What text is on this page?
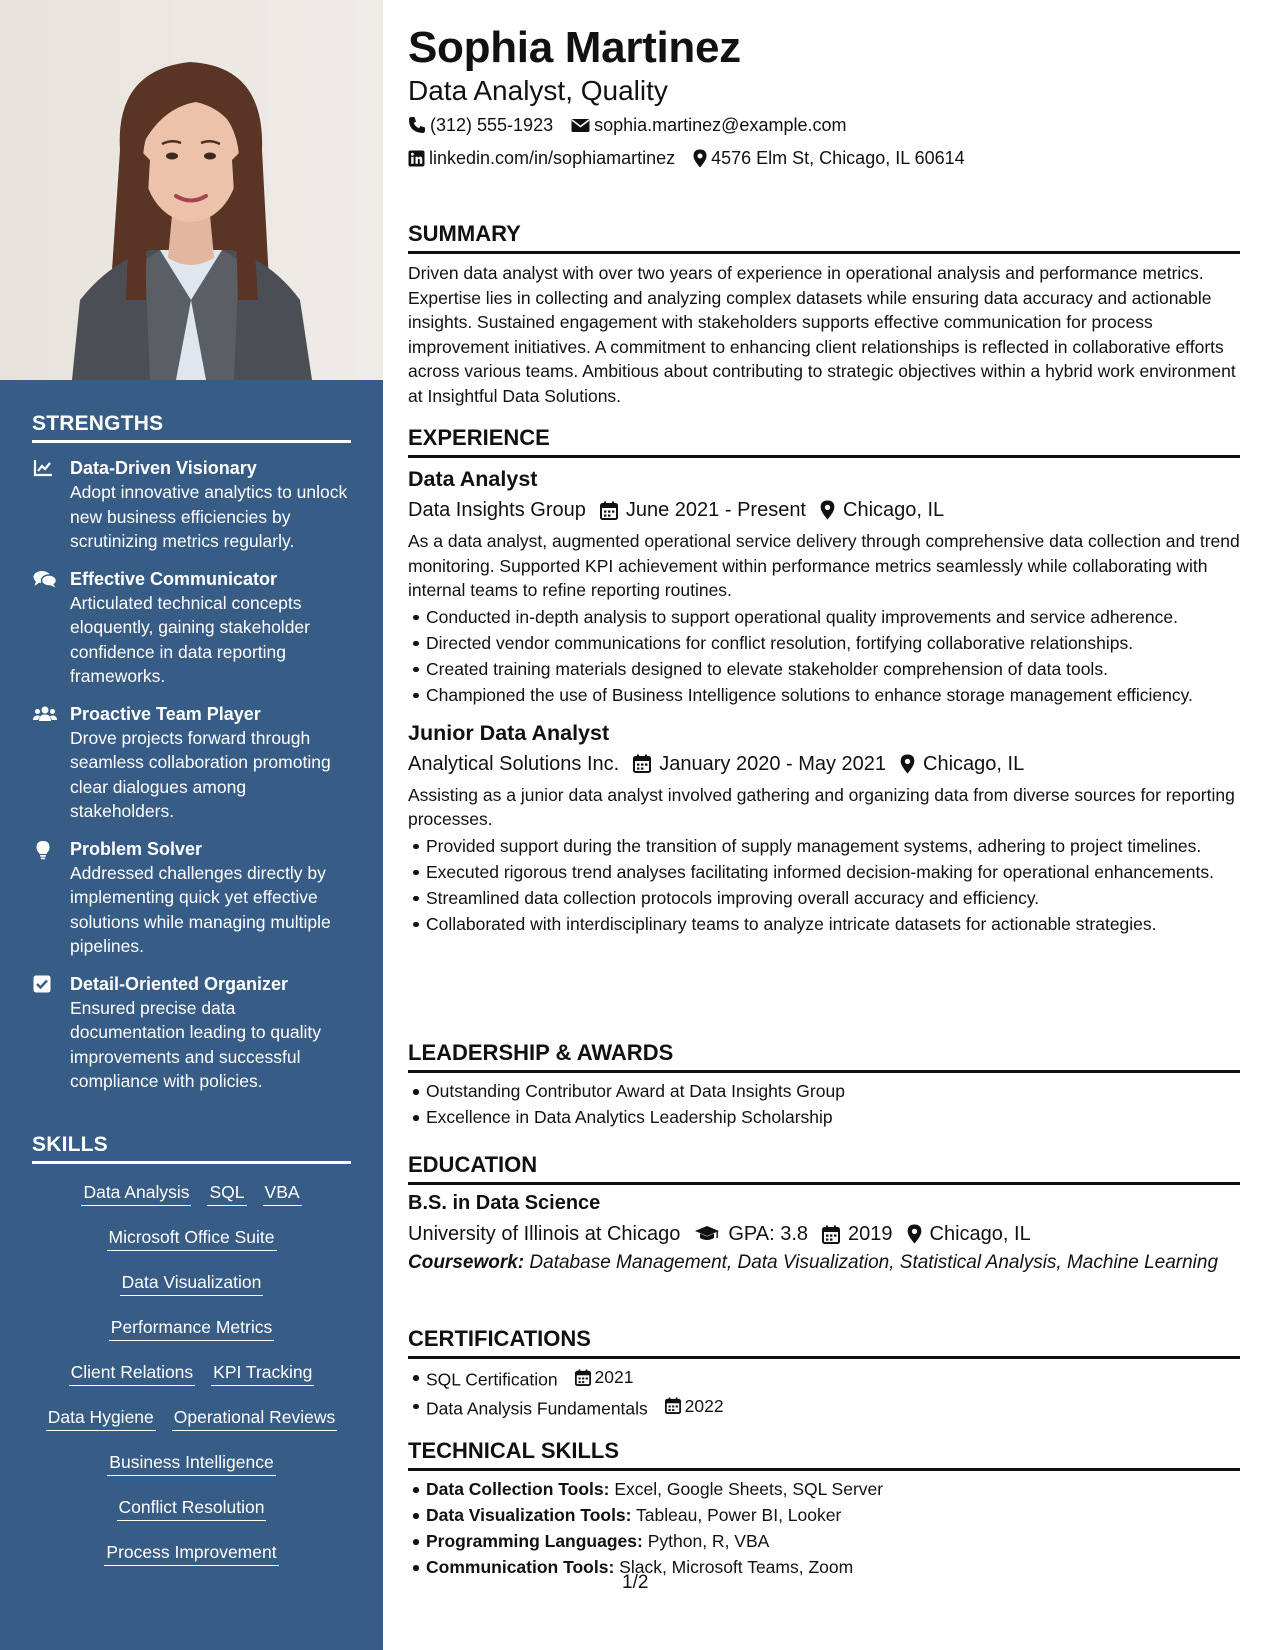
STRENGTHS
Data-Driven Visionary
Adopt innovative analytics to unlock new business efficiencies by scrutinizing metrics regularly.
Effective Communicator
Articulated technical concepts eloquently, gaining stakeholder confidence in data reporting frameworks.
Proactive Team Player
Drove projects forward through seamless collaboration promoting clear dialogues among stakeholders.
Problem Solver
Addressed challenges directly by implementing quick yet effective solutions while managing multiple pipelines.
Detail-Oriented Organizer
Ensured precise data documentation leading to quality improvements and successful compliance with policies.
SKILLS
Data Analysis SQL VBA
Microsoft Office Suite
Data Visualization
Performance Metrics
Client Relations KPI Tracking
Data Hygiene Operational Reviews
Business Intelligence
Conflict Resolution
Process Improvement
Sophia Martinez
Data Analyst, Quality
(312) 555-1923 sophia.martinez@example.com
linkedin.com/in/sophiamartinez 4576 Elm St, Chicago, IL 60614
SUMMARY
Driven data analyst with over two years of experience in operational analysis and performance metrics. Expertise lies in collecting and analyzing complex datasets while ensuring data accuracy and actionable insights. Sustained engagement with stakeholders supports effective communication for process improvement initiatives. A commitment to enhancing client relationships is reflected in collaborative efforts across various teams. Ambitious about contributing to strategic objectives within a hybrid work environment at Insightful Data Solutions.
EXPERIENCE
Data Analyst
Data Insights Group June 2021 - Present Chicago, IL
As a data analyst, augmented operational service delivery through comprehensive data collection and trend monitoring. Supported KPI achievement within performance metrics seamlessly while collaborating with internal teams to refine reporting routines.
Conducted in-depth analysis to support operational quality improvements and service adherence.
Directed vendor communications for conflict resolution, fortifying collaborative relationships.
Created training materials designed to elevate stakeholder comprehension of data tools.
Championed the use of Business Intelligence solutions to enhance storage management efficiency.
Junior Data Analyst
Analytical Solutions Inc. January 2020 - May 2021 Chicago, IL
Assisting as a junior data analyst involved gathering and organizing data from diverse sources for reporting processes.
Provided support during the transition of supply management systems, adhering to project timelines.
Executed rigorous trend analyses facilitating informed decision-making for operational enhancements.
Streamlined data collection protocols improving overall accuracy and efficiency.
Collaborated with interdisciplinary teams to analyze intricate datasets for actionable strategies.
LEADERSHIP & AWARDS
Outstanding Contributor Award at Data Insights Group
Excellence in Data Analytics Leadership Scholarship
EDUCATION
B.S. in Data Science
University of Illinois at Chicago GPA: 3.8 2019 Chicago, IL
Coursework: Database Management, Data Visualization, Statistical Analysis, Machine Learning
CERTIFICATIONS
SQL Certification 2021
Data Analysis Fundamentals 2022
TECHNICAL SKILLS
Data Collection Tools: Excel, Google Sheets, SQL Server
Data Visualization Tools: Tableau, Power BI, Looker
Programming Languages: Python, R, VBA
Communication Tools: Slack, Microsoft Teams, Zoom
1/2
